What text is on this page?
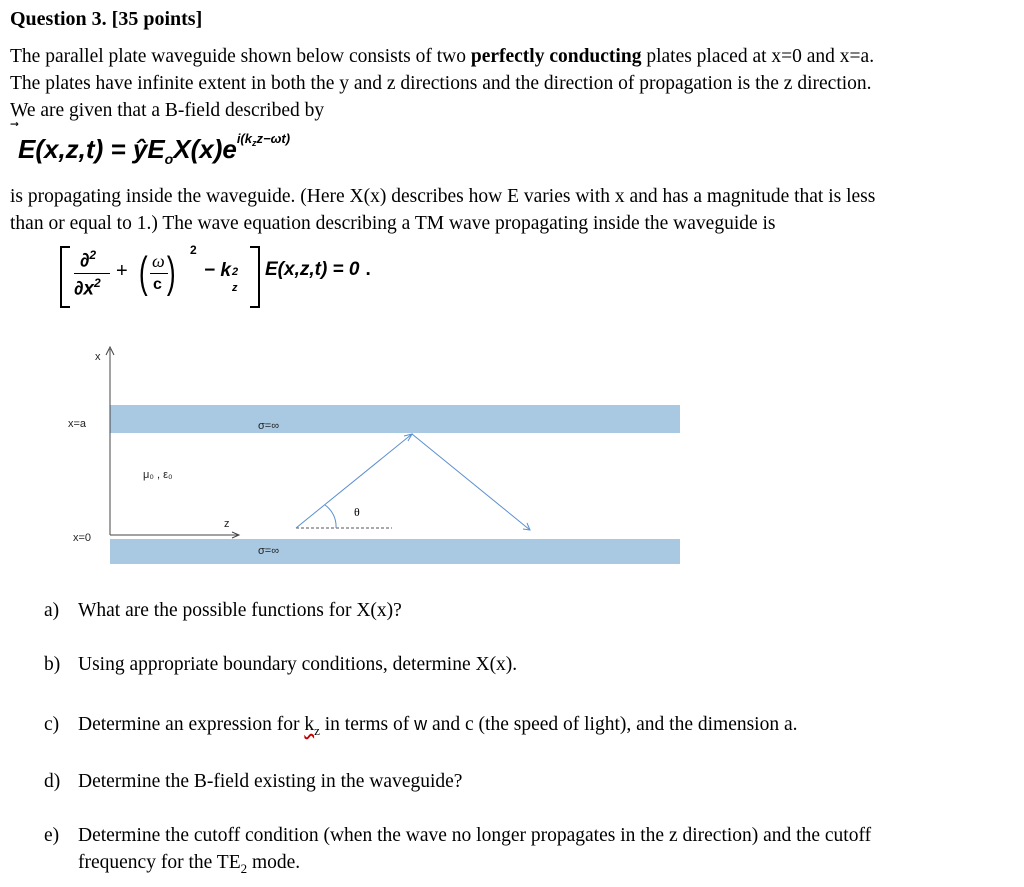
Question 3. [35 points]
The parallel plate waveguide shown below consists of two perfectly conducting plates placed at x=0 and x=a.
The plates have infinite extent in both the y and z directions and the direction of propagation is the z direction.
We are given that a B-field described by
$E(x,z,t) = ŷE_oX(x)e^{i(k_zz-\omega t)}$
is propagating inside the waveguide. (Here X(x) describes how E varies with x and has a magnitude that is less
than or equal to 1.) The wave equation describing a TM wave propagating inside the waveguide is
∂$^2$
$\partial x^2$
+ ( ω
c ) 2
− k 2
z
E(x,z,t) = 0 .
x
x=a
x=0
μ₀ , ε₀
z
θ
σ=∞
σ=∞
a) What are the possible functions for X(x)?
b) Using appropriate boundary conditions, determine X(x).
c) Determine an expression for $k_z$ in terms of w and c (the speed of light), and the dimension a.
d) Determine the B-field existing in the waveguide?
e) Determine the cutoff condition (when the wave no longer propagates in the z direction) and the cutoff
frequency for the $TE_2$ mode.
